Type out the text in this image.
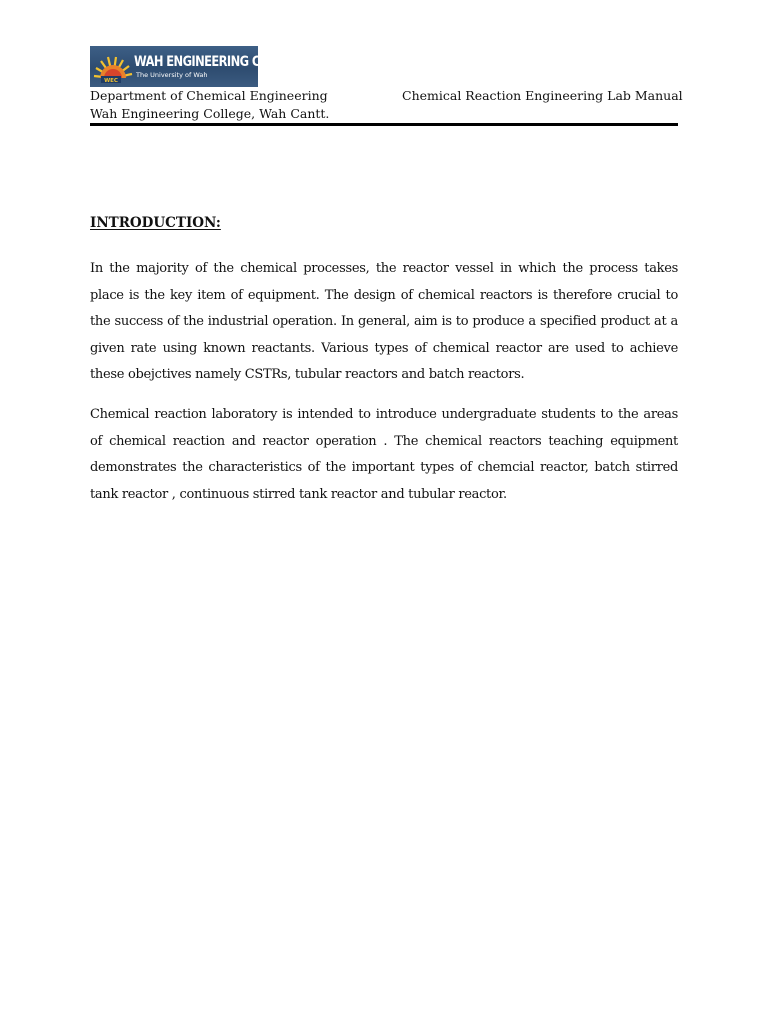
WEC
WAH ENGINEERING COLLEGE
The University of Wah
Department of Chemical Engineering
Wah Engineering College, Wah Cantt.
Chemical Reaction Engineering Lab Manual
INTRODUCTION:
In the majority of the chemical processes, the reactor vessel in which the process takes place is the key item of equipment. The design of chemical reactors is therefore crucial to the success of the industrial operation. In general, aim is to produce a specified product at a given rate using known reactants. Various types of chemical reactor are used to achieve these obejctives namely CSTRs, tubular reactors and batch reactors.
Chemical reaction laboratory is intended to introduce undergraduate students to the areas of chemical reaction and reactor operation . The chemical reactors teaching equipment demonstrates the characteristics of the important types of chemcial reactor, batch stirred tank reactor , continuous stirred tank reactor and tubular reactor.
